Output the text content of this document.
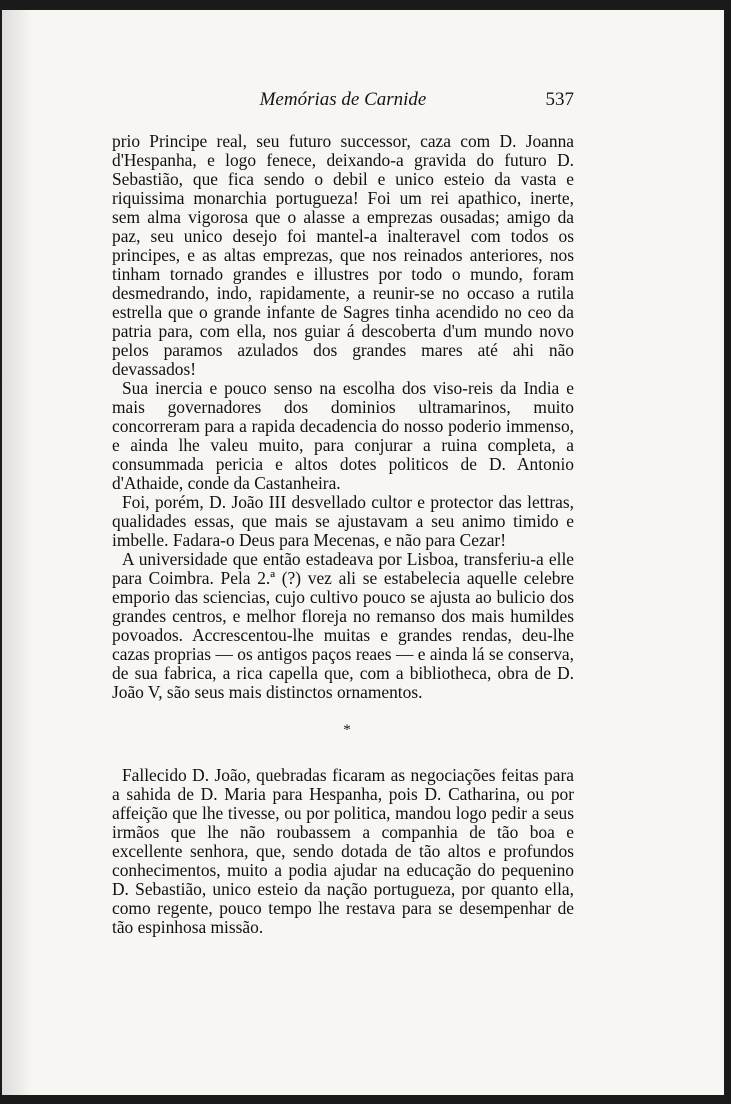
Memórias de Carnide	537

prio Principe real, seu futuro successor, caza com D. Joanna d'Hespanha, e logo fenece, deixando-a gravida do futuro D. Sebastião, que fica sendo o debil e unico esteio da vasta e riquissima monarchia portugueza! Foi um rei apathico, inerte, sem alma vigorosa que o alasse a emprezas ousadas; amigo da paz, seu unico desejo foi mantel-a inalteravel com todos os principes, e as altas emprezas, que nos reinados anteriores, nos tinham tornado grandes e illustres por todo o mundo, foram desmedrando, indo, rapidamente, a reunir-se no occaso a rutila estrella que o grande infante de Sagres tinha acendido no ceo da patria para, com ella, nos guiar á descoberta d'um mundo novo pelos paramos azulados dos grandes mares até ahi não devassados!

Sua inercia e pouco senso na escolha dos viso-reis da India e mais governadores dos dominios ultramarinos, muito concorreram para a rapida decadencia do nosso poderio immenso, e ainda lhe valeu muito, para conjurar a ruina completa, a consummada pericia e altos dotes politicos de D. Antonio d'Athaide, conde da Castanheira.

Foi, porém, D. João III desvellado cultor e protector das lettras, qualidades essas, que mais se ajustavam a seu animo timido e imbelle. Fadara-o Deus para Mecenas, e não para Cezar!

A universidade que então estadeava por Lisboa, transferiu-a elle para Coimbra. Pela 2.ª (?) vez ali se estabelecia aquelle celebre emporio das sciencias, cujo cultivo pouco se ajusta ao bulicio dos grandes centros, e melhor floreja no remanso dos mais humildes povoados. Accrescentou-lhe muitas e grandes rendas, deu-lhe cazas proprias — os antigos paços reaes — e ainda lá se conserva, de sua fabrica, a rica capella que, com a bibliotheca, obra de D. João V, são seus mais distinctos ornamentos.

*

Fallecido D. João, quebradas ficaram as negociações feitas para a sahida de D. Maria para Hespanha, pois D. Catharina, ou por affeição que lhe tivesse, ou por politica, mandou logo pedir a seus irmãos que lhe não roubassem a companhia de tão boa e excellente senhora, que, sendo dotada de tão altos e profundos conhecimentos, muito a podia ajudar na educação do pequenino D. Sebastião, unico esteio da nação portugueza, por quanto ella, como regente, pouco tempo lhe restava para se desempenhar de tão espinhosa missão.
